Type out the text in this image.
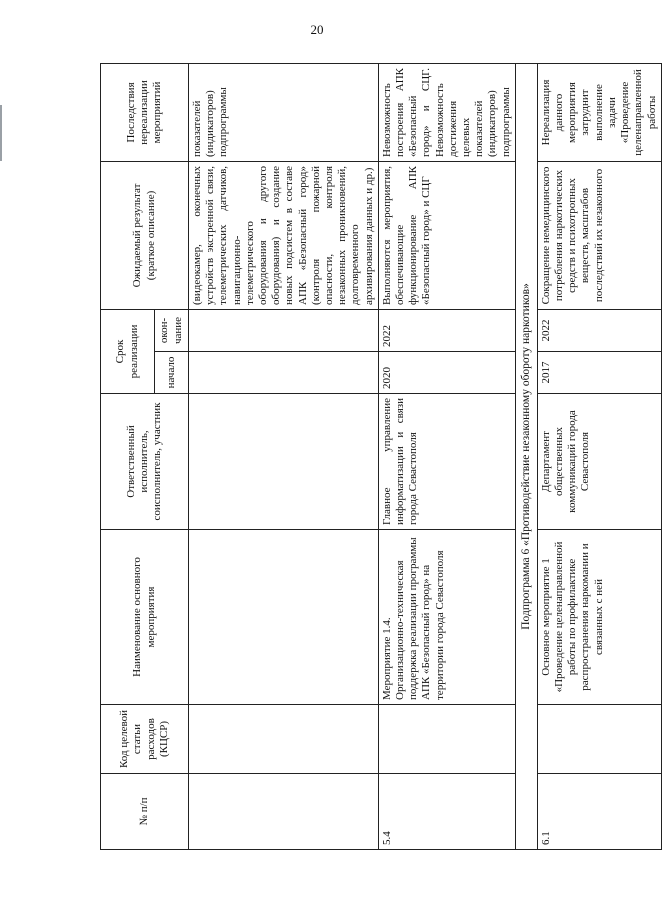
20
№ п/п	Код целевой статьи расходов (КЦСР)	Наименование основного мероприятия	Ответственный исполнитель, соисполнитель, участник	Срок реализации		Ожидаемый результат (краткое описание)	Последствия нереализации мероприятий
				начало	окон-чание		
						(видеокамер, оконечных устройств экстренной связи, телеметрических датчиков, навигационно-телеметрического оборудования и другого оборудования) и создание новых подсистем в составе АПК «Безопасный город» (контроля пожарной опасности, контроля незаконных проникновений, долговременного архивирования данных и др.)	показателей (индикаторов) подпрограммы
5.4		Мероприятие 1.4. Организационно-техническая поддержка реализации программы АПК «Безопасный город» на территории города Севастополя	Главное управление информатизации и связи города Севастополя	2020	2022	Выполняются мероприятия, обеспечивающие функционирование АПК «Безопасный город» и СЦГ	Невозможность построения АПК «Безопасный город» и СЦГ. Невозможность достижения целевых показателей (индикаторов) подпрограммы
Подпрограмма 6 «Противодействие незаконному обороту наркотиков»							
6.1		Основное мероприятие 1 «Проведение целенаправленной работы по профилактике распространения наркомании и связанных с ней	Департамент общественных коммуникаций города Севастополя	2017	2022	Сокращение немедицинского потребления наркотических средств и психотропных веществ, масштабов последствий их незаконного	Нереализация данного мероприятия затруднит выполнение задачи «Проведение целенаправленной работы
